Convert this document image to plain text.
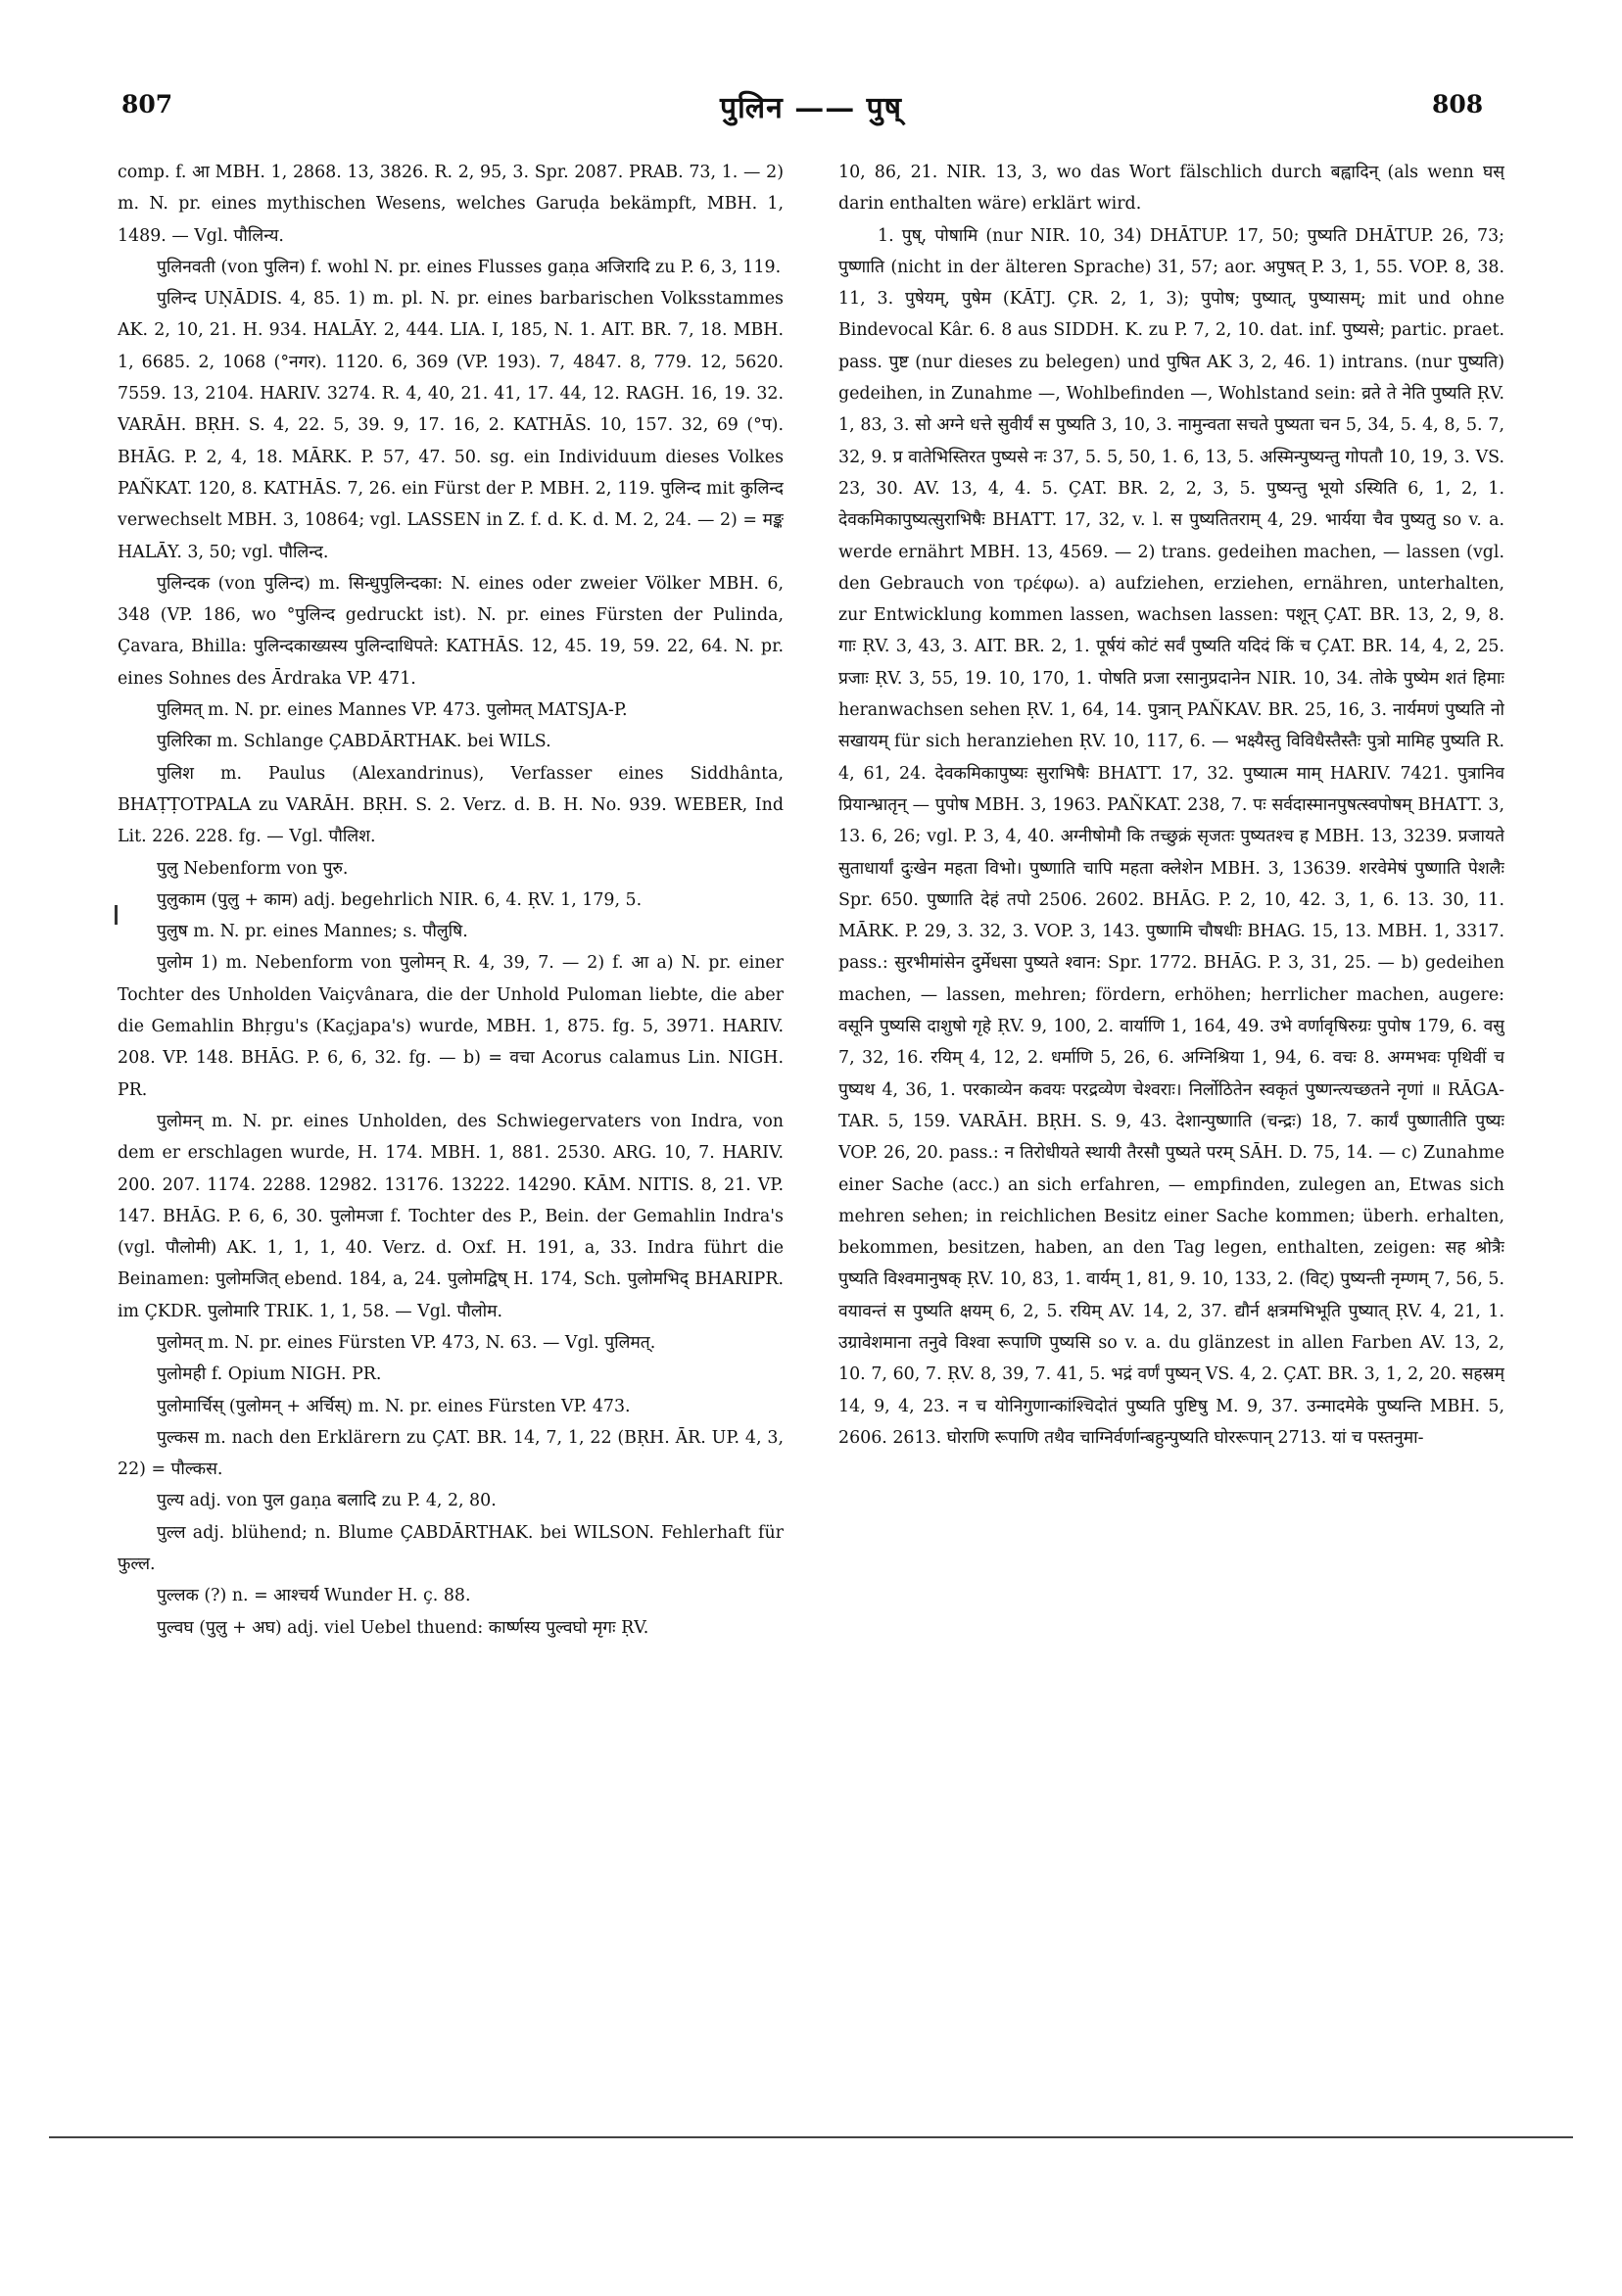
807	पुलिन —— पुष्	808

comp. f. आ MBH. 1, 2868. 13, 3826. R. 2, 95, 3. Spr. 2087. PRAB. 73, 1. — 2) m. N. pr. eines mythischen Wesens, welches Garuḍa bekämpft, MBH. 1, 1489. — Vgl. पौलिन्य.

पुलिनवती (von पुलिन) f. wohl N. pr. eines Flusses gaṇa अजिरादि zu P. 6, 3, 119.

पुलिन्द UṆĀDIS. 4, 85. 1) m. pl. N. pr. eines barbarischen Volksstammes AK. 2, 10, 21. H. 934. HALĀY. 2, 444. LIA. I, 185, N. 1. AIT. BR. 7, 18. MBH. 1, 6685. 2, 1068 (°नगर). 1120. 6, 369 (VP. 193). 7, 4847. 8, 779. 12, 5620. 7559. 13, 2104. HARIV. 3274. R. 4, 40, 21. 41, 17. 44, 12. RAGH. 16, 19. 32. VARĀH. BṚH. S. 4, 22. 5, 39. 9, 17. 16, 2. KATHĀS. 10, 157. 32, 69 (°प). BHĀG. P. 2, 4, 18. MĀRK. P. 57, 47. 50. sg. ein Individuum dieses Volkes PAÑKAT. 120, 8. KATHĀS. 7, 26. ein Fürst der P. MBH. 2, 119. पुलिन्द mit कुलिन्द verwechselt MBH. 3, 10864; vgl. LASSEN in Z. f. d. K. d. M. 2, 24. — 2) = मङ्क HALĀY. 3, 50; vgl. पौलिन्द.

पुलिन्दक (von पुलिन्द) m. सिन्धुपुलिन्दका: N. eines oder zweier Völker MBH. 6, 348 (VP. 186, wo °पुलिन्द gedruckt ist). N. pr. eines Fürsten der Pulinda, Çavara, Bhilla: पुलिन्दकाख्यस्य पुलिन्दाधिपते: KATHĀS. 12, 45. 19, 59. 22, 64. N. pr. eines Sohnes des Ārdraka VP. 471.

पुलिमत् m. N. pr. eines Mannes VP. 473. पुलोमत् MATSJA-P.

पुलिरिका m. Schlange ÇABDĀRTHAK. bei WILS.

पुलिश m. Paulus (Alexandrinus), Verfasser eines Siddhânta, BHAṬṬOTPALA zu VARĀH. BṚH. S. 2. Verz. d. B. H. No. 939. WEBER, Ind Lit. 226. 228. fg. — Vgl. पौलिश.

पुलु Nebenform von पुरु.

पुलुकाम (पुलु + काम) adj. begehrlich NIR. 6, 4. ṚV. 1, 179, 5.

पुलुष m. N. pr. eines Mannes; s. पौलुषि.

पुलोम 1) m. Nebenform von पुलोमन् R. 4, 39, 7. — 2) f. आ a) N. pr. einer Tochter des Unholden Vaiçvânara, die der Unhold Puloman liebte, die aber die Gemahlin Bhṛgu's (Kaçjapa's) wurde, MBH. 1, 875. fg. 5, 3971. HARIV. 208. VP. 148. BHĀG. P. 6, 6, 32. fg. — b) = वचा Acorus calamus Lin. NIGH. PR.

पुलोमन् m. N. pr. eines Unholden, des Schwiegervaters von Indra, von dem er erschlagen wurde, H. 174. MBH. 1, 881. 2530. ARG. 10, 7. HARIV. 200. 207. 1174. 2288. 12982. 13176. 13222. 14290. KĀM. NITIS. 8, 21. VP. 147. BHĀG. P. 6, 6, 30. पुलोमजा f. Tochter des P., Bein. der Gemahlin Indra's (vgl. पौलोमी) AK. 1, 1, 1, 40. Verz. d. Oxf. H. 191, a, 33. Indra führt die Beinamen: पुलोमजित् ebend. 184, a, 24. पुलोमद्विष् H. 174, Sch. पुलोमभिद् BHARIPR. im ÇKDR. पुलोमारि TRIK. 1, 1, 58. — Vgl. पौलोम.

पुलोमत् m. N. pr. eines Fürsten VP. 473, N. 63. — Vgl. पुलिमत्.

पुलोमही f. Opium NIGH. PR.

पुलोमार्चिस् (पुलोमन् + अर्चिस्) m. N. pr. eines Fürsten VP. 473.

पुल्कस m. nach den Erklärern zu ÇAT. BR. 14, 7, 1, 22 (BṚH. ĀR. UP. 4, 3, 22) = पौल्कस.

पुल्य adj. von पुल gaṇa बलादि zu P. 4, 2, 80.

पुल्ल adj. blühend; n. Blume ÇABDĀRTHAK. bei WILSON. Fehlerhaft für फुल्ल.

पुल्लक (?) n. = आश्चर्य Wunder H. ç. 88.

पुल्वघ (पुलु + अघ) adj. viel Uebel thuend: कार्ष्णस्य पुल्वघो मृगः ṚV.

10, 86, 21. NIR. 13, 3, wo das Wort fälschlich durch बह्वादिन् (als wenn घस् darin enthalten wäre) erklärt wird.

1. पुष्, पोषामि (nur NIR. 10, 34) DHĀTUP. 17, 50; पुष्यति DHĀTUP. 26, 73; पुष्णाति (nicht in der älteren Sprache) 31, 57; aor. अपुषत् P. 3, 1, 55. VOP. 8, 38. 11, 3. पुषेयम्, पुषेम (KĀTJ. ÇR. 2, 1, 3); पुपोष; पुष्यात्, पुष्यासम्; mit und ohne Bindevocal Kâr. 6. 8 aus SIDDH. K. zu P. 7, 2, 10. dat. inf. पुष्यसे; partic. praet. pass. पुष्ट (nur dieses zu belegen) und पुषित AK 3, 2, 46. 1) intrans. (nur पुष्यति) gedeihen, in Zunahme —, Wohlbefinden —, Wohlstand sein: व्रते ते नेति पुष्यति ṚV. 1, 83, 3. सो अग्ने धत्ते सुवीर्यं स पुष्यति 3, 10, 3. नामुन्वता सचते पुष्यता चन 5, 34, 5. 4, 8, 5. 7, 32, 9. प्र वातेभिस्तिरत पुष्यसे नः 37, 5. 5, 50, 1. 6, 13, 5. अस्मिन्पुष्यन्तु गोपतौ 10, 19, 3. VS. 23, 30. AV. 13, 4, 4. 5. ÇAT. BR. 2, 2, 3, 5. पुष्यन्तु भूयो ऽस्यिति 6, 1, 2, 1. देवकमिकापुष्यत्सुराभिषैः BHATT. 17, 32, v. l. स पुष्यतितराम् 4, 29. भार्यया चैव पुष्यतु so v. a. werde ernährt MBH. 13, 4569. — 2) trans. gedeihen machen, — lassen (vgl. den Gebrauch von τρέφω). a) aufziehen, erziehen, ernähren, unterhalten, zur Entwicklung kommen lassen, wachsen lassen: पशून् ÇAT. BR. 13, 2, 9, 8. गाः ṚV. 3, 43, 3. AIT. BR. 2, 1. पूर्षयं कोटं सर्वं पुष्यति यदिदं किं च ÇAT. BR. 14, 4, 2, 25. प्रजाः ṚV. 3, 55, 19. 10, 170, 1. पोषति प्रजा रसानुप्रदानेन NIR. 10, 34. तोके पुष्येम शतं हिमाः heranwachsen sehen ṚV. 1, 64, 14. पुत्रान् PAÑKAV. BR. 25, 16, 3. नार्यमणं पुष्यति नो सखायम् für sich heranziehen ṚV. 10, 117, 6. — भक्ष्यैस्तु विविधैस्तैस्तैः पुत्रो मामिह पुष्यति R. 4, 61, 24. देवकमिकापुष्यः सुराभिषैः BHATT. 17, 32. पुष्यात्म माम् HARIV. 7421. पुत्रानिव प्रियान्भ्रातृन् — पुपोष MBH. 3, 1963. PAÑKAT. 238, 7. पः सर्वदास्मानपुषत्स्वपोषम् BHATT. 3, 13. 6, 26; vgl. P. 3, 4, 40. अग्नीषोमौ कि तच्छुक्रं सृजतः पुष्यतश्च ह MBH. 13, 3239. प्रजायते सुताधार्यां दुःखेन महता विभो। पुष्णाति चापि महता क्लेशेन MBH. 3, 13639. शरवेमेषं पुष्णाति पेशलैः Spr. 650. पुष्णाति देहं तपो 2506. 2602. BHĀG. P. 2, 10, 42. 3, 1, 6. 13. 30, 11. MĀRK. P. 29, 3. 32, 3. VOP. 3, 143. पुष्णामि चौषधीः BHAG. 15, 13. MBH. 1, 3317. pass.: सुरभीमांसेन दुर्मेधसा पुष्यते श्वान: Spr. 1772. BHĀG. P. 3, 31, 25. — b) gedeihen machen, — lassen, mehren; fördern, erhöhen; herrlicher machen, augere: वसूनि पुष्यसि दाशुषो गृहे ṚV. 9, 100, 2. वार्याणि 1, 164, 49. उभे वर्णावृषिरुग्रः पुपोष 179, 6. वसु 7, 32, 16. रयिम् 4, 12, 2. धर्माणि 5, 26, 6. अग्निश्रिया 1, 94, 6. वचः 8. अग्मभवः पृथिवीं च पुष्यथ 4, 36, 1. परकाव्येन कवयः परद्रव्येण चेश्वराः। निर्लोठितेन स्वकृतं पुष्णन्त्यच्छतने नृणां ॥ RĀGA-TAR. 5, 159. VARĀH. BṚH. S. 9, 43. देशान्पुष्णाति (चन्द्रः) 18, 7. कार्यं पुष्णातीति पुष्यः VOP. 26, 20. pass.: न तिरोधीयते स्थायी तैरसौ पुष्यते परम् SĀH. D. 75, 14. — c) Zunahme einer Sache (acc.) an sich erfahren, — empfinden, zulegen an, Etwas sich mehren sehen; in reichlichen Besitz einer Sache kommen; überh. erhalten, bekommen, besitzen, haben, an den Tag legen, enthalten, zeigen: सह श्रोत्रैः पुष्यति विश्वमानुषक् ṚV. 10, 83, 1. वार्यम् 1, 81, 9. 10, 133, 2. (विट्) पुष्यन्ती नृम्णम् 7, 56, 5. वयावन्तं स पुष्यति क्षयम् 6, 2, 5. रयिम् AV. 14, 2, 37. द्यौर्न क्षत्रमभिभूति पुष्यात् ṚV. 4, 21, 1. उग्रावेशमाना तनुवे विश्वा रूपाणि पुष्यसि so v. a. du glänzest in allen Farben AV. 13, 2, 10. 7, 60, 7. ṚV. 8, 39, 7. 41, 5. भद्रं वर्णं पुष्यन् VS. 4, 2. ÇAT. BR. 3, 1, 2, 20. सहस्रम् 14, 9, 4, 23. न च योनिगुणान्कांश्चिदोतं पुष्यति पुष्टिषु M. 9, 37. उन्मादमेके पुष्यन्ति MBH. 5, 2606. 2613. घोराणि रूपाणि तथैव चाग्निर्वर्णान्बहुन्पुष्यति घोररूपान् 2713. यां च पस्तनुमा-
